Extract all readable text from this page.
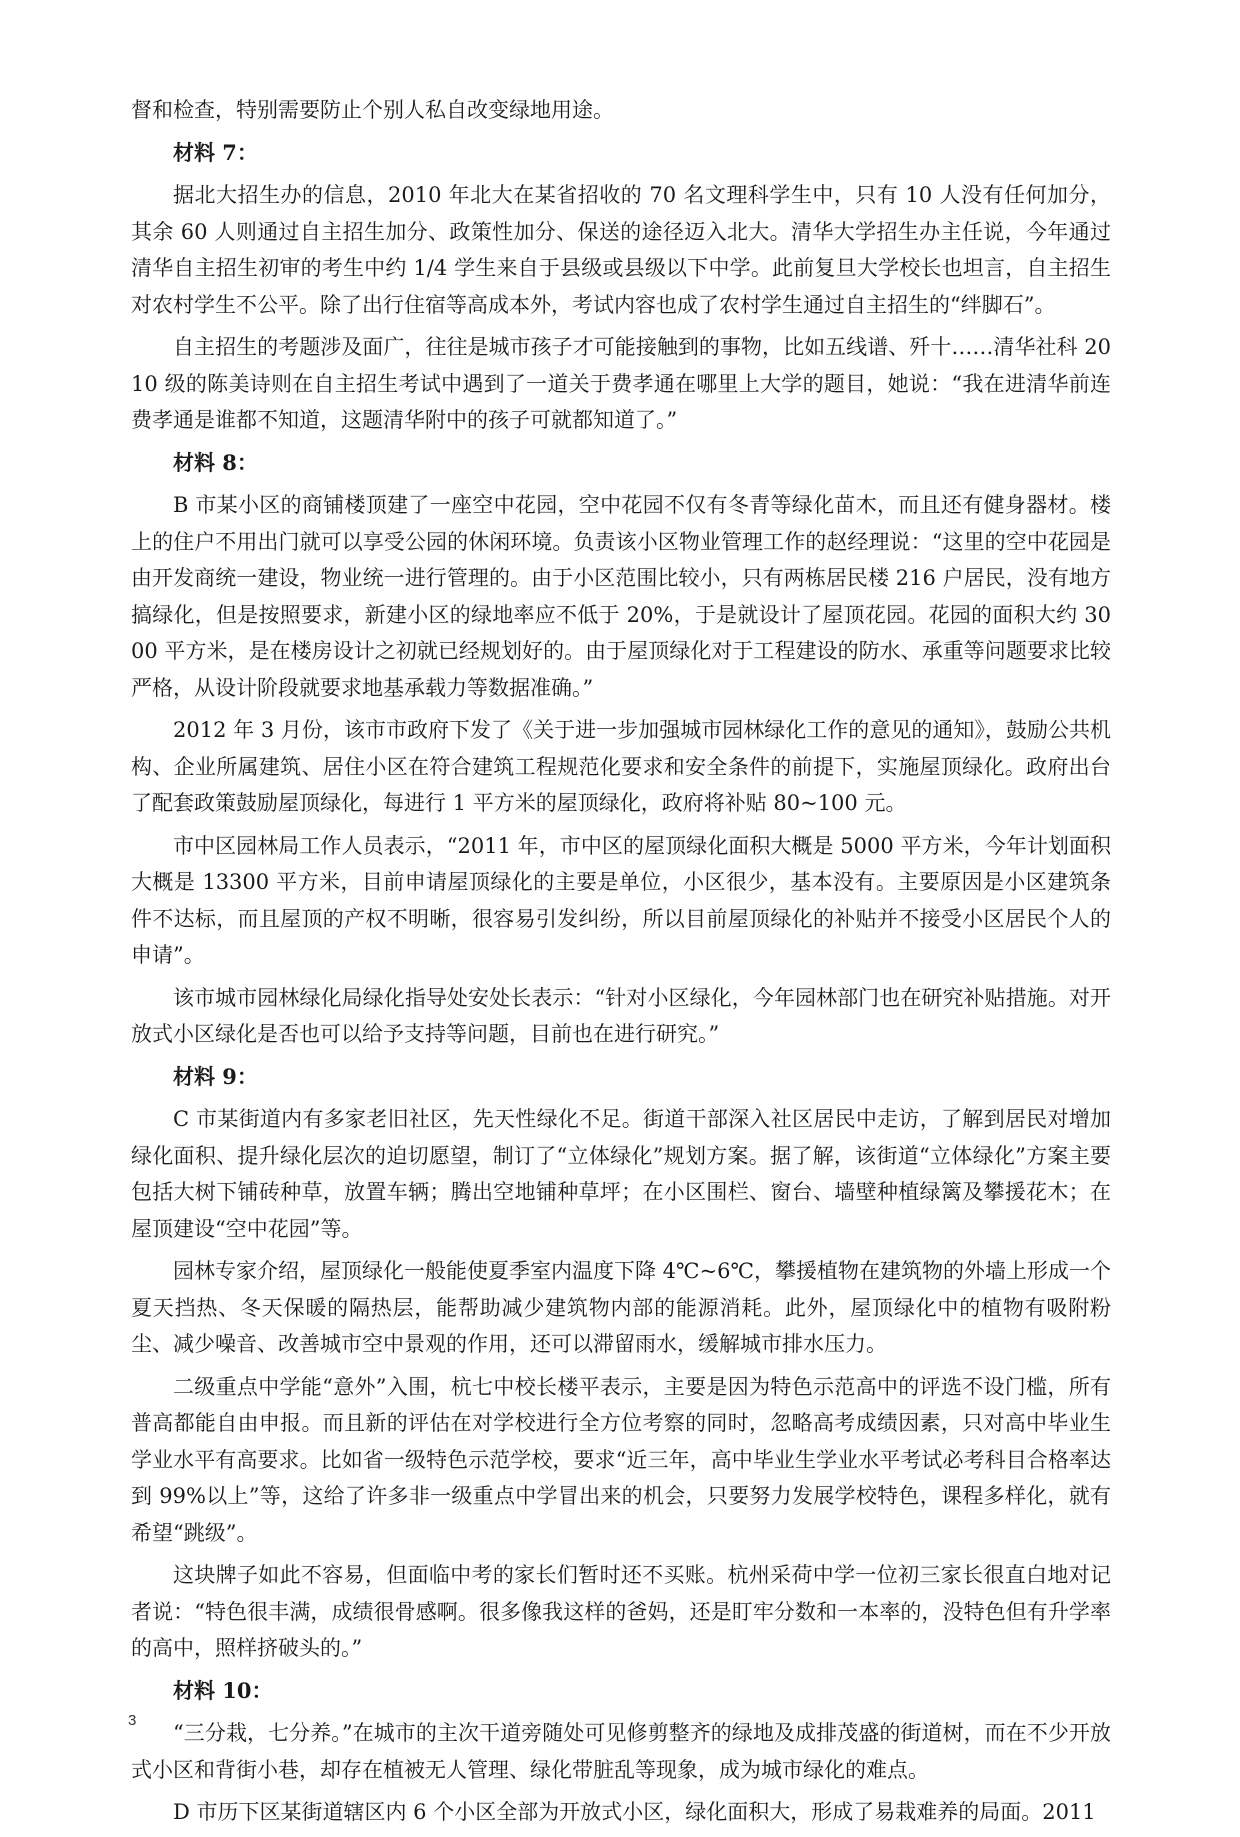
督和检查，特别需要防止个别人私自改变绿地用途。

材料 7：

据北大招生办的信息，2010 年北大在某省招收的 70 名文理科学生中，只有 10 人没有任何加分，其余 60 人则通过自主招生加分、政策性加分、保送的途径迈入北大。清华大学招生办主任说，今年通过清华自主招生初审的考生中约 1/4 学生来自于县级或县级以下中学。此前复旦大学校长也坦言，自主招生对农村学生不公平。除了出行住宿等高成本外，考试内容也成了农村学生通过自主招生的“绊脚石”。

自主招生的考题涉及面广，往往是城市孩子才可能接触到的事物，比如五线谱、歼十……清华社科 2010 级的陈美诗则在自主招生考试中遇到了一道关于费孝通在哪里上大学的题目，她说：“我在进清华前连费孝通是谁都不知道，这题清华附中的孩子可就都知道了。”

材料 8：

B 市某小区的商铺楼顶建了一座空中花园，空中花园不仅有冬青等绿化苗木，而且还有健身器材。楼上的住户不用出门就可以享受公园的休闲环境。负责该小区物业管理工作的赵经理说：“这里的空中花园是由开发商统一建设，物业统一进行管理的。由于小区范围比较小，只有两栋居民楼 216 户居民，没有地方搞绿化，但是按照要求，新建小区的绿地率应不低于 20%，于是就设计了屋顶花园。花园的面积大约 3000 平方米，是在楼房设计之初就已经规划好的。由于屋顶绿化对于工程建设的防水、承重等问题要求比较严格，从设计阶段就要求地基承载力等数据准确。”

2012 年 3 月份，该市市政府下发了《关于进一步加强城市园林绿化工作的意见的通知》，鼓励公共机构、企业所属建筑、居住小区在符合建筑工程规范化要求和安全条件的前提下，实施屋顶绿化。政府出台了配套政策鼓励屋顶绿化，每进行 1 平方米的屋顶绿化，政府将补贴 80~100 元。

市中区园林局工作人员表示，“2011 年，市中区的屋顶绿化面积大概是 5000 平方米，今年计划面积大概是 13300 平方米，目前申请屋顶绿化的主要是单位，小区很少，基本没有。主要原因是小区建筑条件不达标，而且屋顶的产权不明晰，很容易引发纠纷，所以目前屋顶绿化的补贴并不接受小区居民个人的申请”。

该市城市园林绿化局绿化指导处安处长表示：“针对小区绿化，今年园林部门也在研究补贴措施。对开放式小区绿化是否也可以给予支持等问题，目前也在进行研究。”

材料 9：

C 市某街道内有多家老旧社区，先天性绿化不足。街道干部深入社区居民中走访，了解到居民对增加绿化面积、提升绿化层次的迫切愿望，制订了“立体绿化”规划方案。据了解，该街道“立体绿化”方案主要包括大树下铺砖种草，放置车辆；腾出空地铺种草坪；在小区围栏、窗台、墙壁种植绿篱及攀援花木；在屋顶建设“空中花园”等。

园林专家介绍，屋顶绿化一般能使夏季室内温度下降 4℃~6℃，攀援植物在建筑物的外墙上形成一个夏天挡热、冬天保暖的隔热层，能帮助减少建筑物内部的能源消耗。此外，屋顶绿化中的植物有吸附粉尘、减少噪音、改善城市空中景观的作用，还可以滞留雨水，缓解城市排水压力。

二级重点中学能“意外”入围，杭七中校长楼平表示，主要是因为特色示范高中的评选不设门槛，所有普高都能自由申报。而且新的评估在对学校进行全方位考察的同时，忽略高考成绩因素，只对高中毕业生学业水平有高要求。比如省一级特色示范学校，要求“近三年，高中毕业生学业水平考试必考科目合格率达到 99%以上”等，这给了许多非一级重点中学冒出来的机会，只要努力发展学校特色，课程多样化，就有希望“跳级”。

这块牌子如此不容易，但面临中考的家长们暂时还不买账。杭州采荷中学一位初三家长很直白地对记者说：“特色很丰满，成绩很骨感啊。很多像我这样的爸妈，还是盯牢分数和一本率的，没特色但有升学率的高中，照样挤破头的。”

材料 10：

“三分栽，七分养。”在城市的主次干道旁随处可见修剪整齐的绿地及成排茂盛的街道树，而在不少开放式小区和背街小巷，却存在植被无人管理、绿化带脏乱等现象，成为城市绿化的难点。

D 市历下区某街道辖区内 6 个小区全部为开放式小区，绿化面积大，形成了易栽难养的局面。2011

3
